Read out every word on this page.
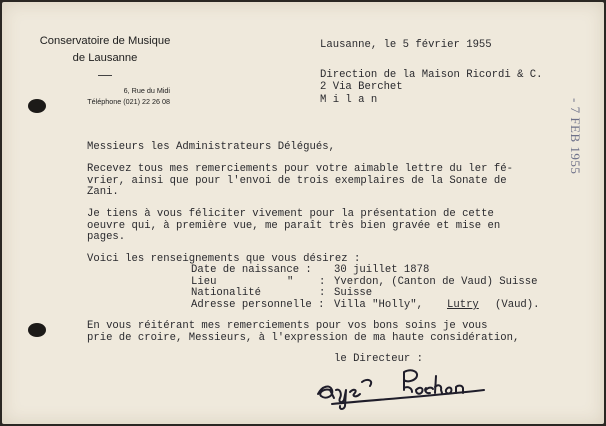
Conservatoire de Musique
de Lausanne
6, Rue du Midi
Téléphone (021) 22 26 08
Lausanne, le 5 février 1955
Direction de la Maison Ricordi & C.
2 Via Berchet
M i l a n	- 7 FEB 1955
Messieurs les Administrateurs Délégués,
Recevez tous mes remerciements pour votre aimable lettre du ler fé-
vrier, ainsi que pour l'envoi de trois exemplaires de la Sonate de
Zani.
Je tiens à vous féliciter vivement pour la présentation de cette
oeuvre qui, à première vue, me paraît très bien gravée et mise en
pages.
Voici les renseignements que vous désirez :
Date de naissance : 30 juillet 1878
Lieu	" : Yverdon, (Canton de Vaud) Suisse
Nationalité	: Suisse
Adresse personnelle : Villa "Holly", Lutry (Vaud).
En vous réitérant mes remerciements pour vos bons soins je vous
prie de croire, Messieurs, à l'expression de ma haute considération,
le Directeur :
